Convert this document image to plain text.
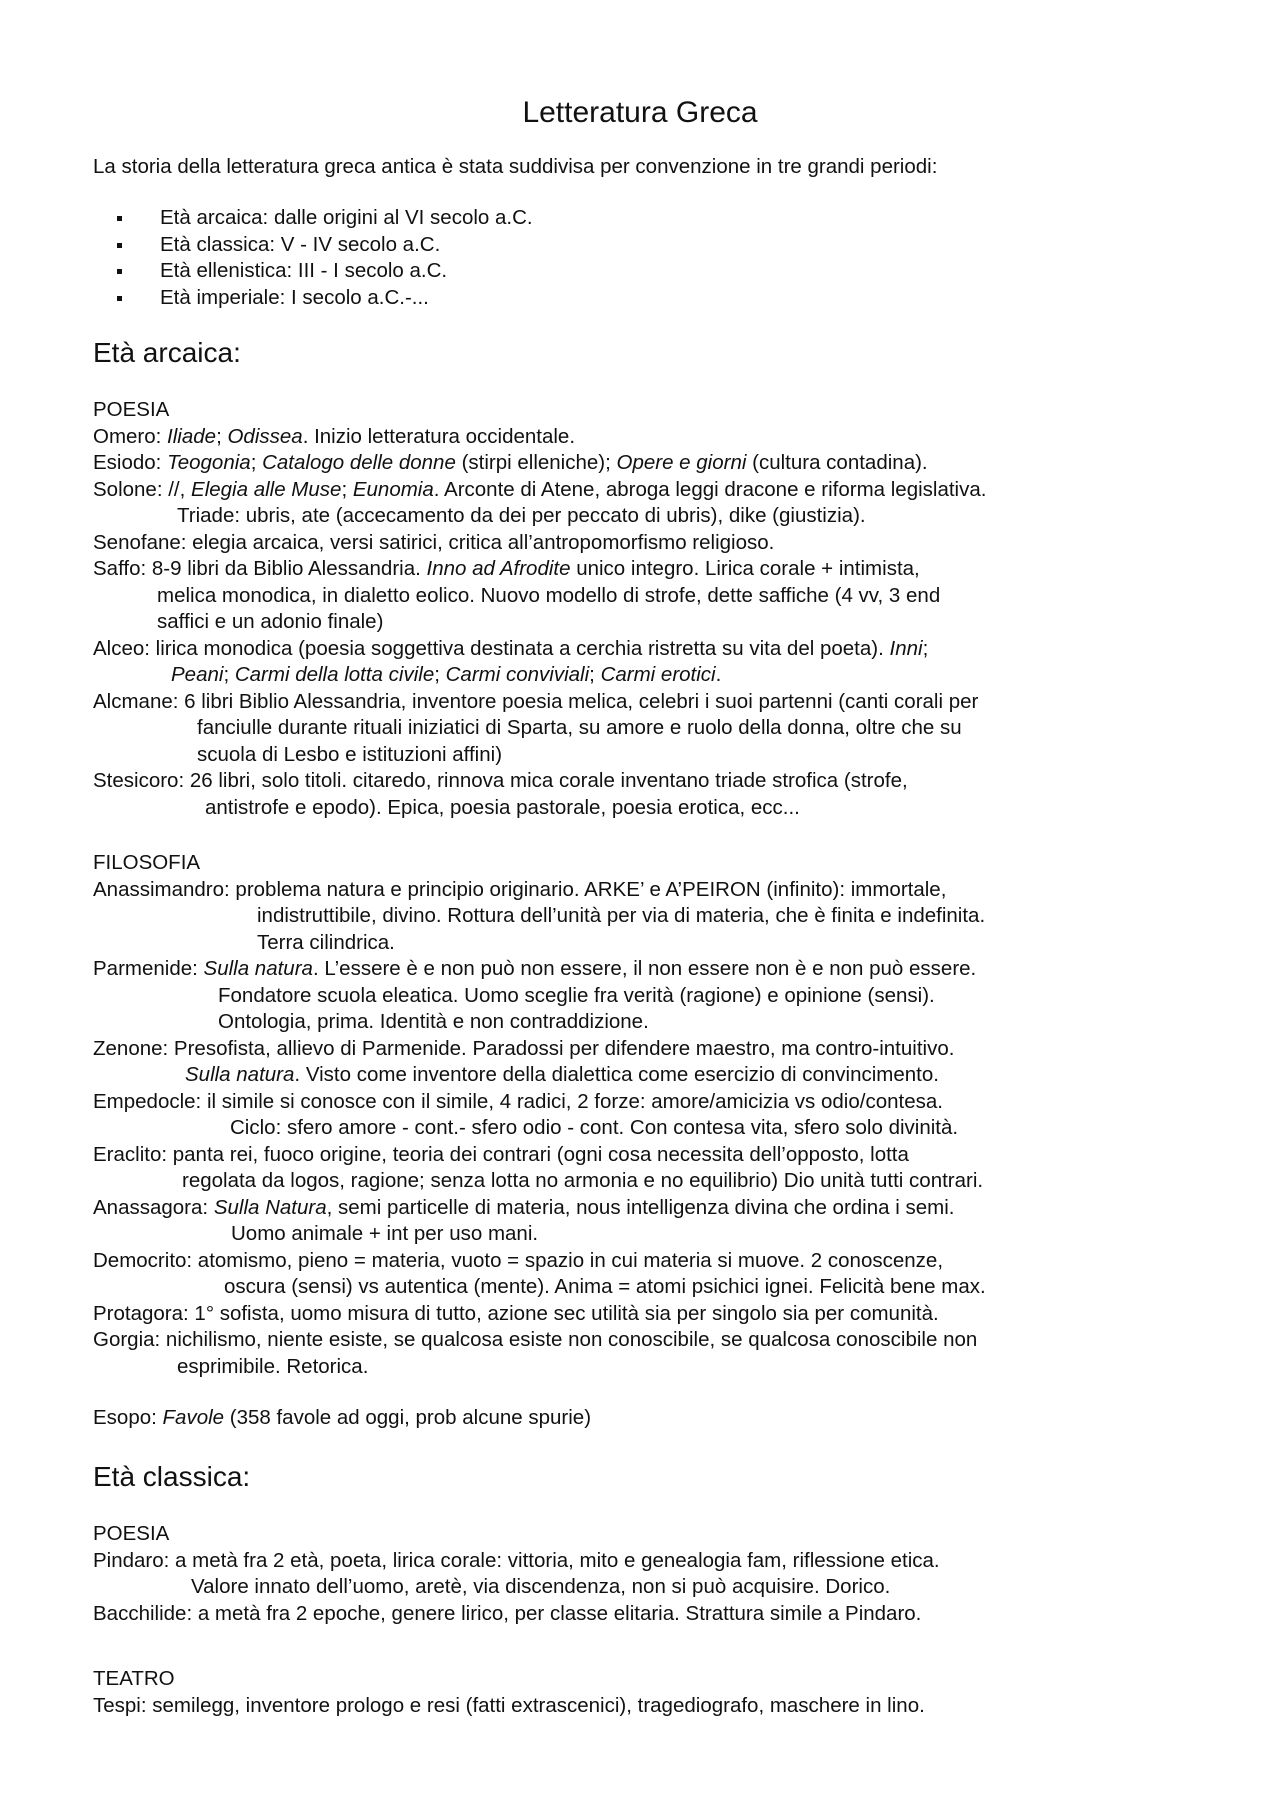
Letteratura Greca
La storia della letteratura greca antica è stata suddivisa per convenzione in tre grandi periodi:
Età arcaica: dalle origini al VI secolo a.C.
Età classica: V - IV secolo a.C.
Età ellenistica: III - I secolo a.C.
Età imperiale: I secolo a.C.-...
Età arcaica:
POESIA
Omero: Iliade; Odissea. Inizio letteratura occidentale.
Esiodo: Teogonia; Catalogo delle donne (stirpi elleniche); Opere e giorni (cultura contadina).
Solone: //, Elegia alle Muse; Eunomia. Arconte di Atene, abroga leggi dracone e riforma legislativa.
Triade: ubris, ate (accecamento da dei per peccato di ubris), dike (giustizia).
Senofane: elegia arcaica, versi satirici, critica all’antropomorfismo religioso.
Saffo: 8-9 libri da Biblio Alessandria. Inno ad Afrodite unico integro. Lirica corale + intimista,
melica monodica, in dialetto eolico. Nuovo modello di strofe, dette saffiche (4 vv, 3 end
saffici e un adonio finale)
Alceo: lirica monodica (poesia soggettiva destinata a cerchia ristretta su vita del poeta). Inni;
Peani; Carmi della lotta civile; Carmi conviviali; Carmi erotici.
Alcmane: 6 libri Biblio Alessandria, inventore poesia melica, celebri i suoi partenni (canti corali per
fanciulle durante rituali iniziatici di Sparta, su amore e ruolo della donna, oltre che su
scuola di Lesbo e istituzioni affini)
Stesicoro: 26 libri, solo titoli. citaredo, rinnova mica corale inventano triade strofica (strofe,
antistrofe e epodo). Epica, poesia pastorale, poesia erotica, ecc...
FILOSOFIA
Anassimandro: problema natura e principio originario. ARKE’ e A’PEIRON (infinito): immortale,
indistruttibile, divino. Rottura dell’unità per via di materia, che è finita e indefinita.
Terra cilindrica.
Parmenide: Sulla natura. L’essere è e non può non essere, il non essere non è e non può essere.
Fondatore scuola eleatica. Uomo sceglie fra verità (ragione) e opinione (sensi).
Ontologia, prima. Identità e non contraddizione.
Zenone: Presofista, allievo di Parmenide. Paradossi per difendere maestro, ma contro-intuitivo.
Sulla natura. Visto come inventore della dialettica come esercizio di convincimento.
Empedocle: il simile si conosce con il simile, 4 radici, 2 forze: amore/amicizia vs odio/contesa.
Ciclo: sfero amore - cont.- sfero odio - cont. Con contesa vita, sfero solo divinità.
Eraclito: panta rei, fuoco origine, teoria dei contrari (ogni cosa necessita dell’opposto, lotta
regolata da logos, ragione; senza lotta no armonia e no equilibrio) Dio unità tutti contrari.
Anassagora: Sulla Natura, semi particelle di materia, nous intelligenza divina che ordina i semi.
Uomo animale + int per uso mani.
Democrito: atomismo, pieno = materia, vuoto = spazio in cui materia si muove. 2 conoscenze,
oscura (sensi) vs autentica (mente). Anima = atomi psichici ignei. Felicità bene max.
Protagora: 1° sofista, uomo misura di tutto, azione sec utilità sia per singolo sia per comunità.
Gorgia: nichilismo, niente esiste, se qualcosa esiste non conoscibile, se qualcosa conoscibile non
esprimibile. Retorica.
Esopo: Favole (358 favole ad oggi, prob alcune spurie)
Età classica:
POESIA
Pindaro: a metà fra 2 età, poeta, lirica corale: vittoria, mito e genealogia fam, riflessione etica.
Valore innato dell’uomo, aretè, via discendenza, non si può acquisire. Dorico.
Bacchilide: a metà fra 2 epoche, genere lirico, per classe elitaria. Strattura simile a Pindaro.
TEATRO
Tespi: semilegg, inventore prologo e resi (fatti extrascenici), tragediografo, maschere in lino.
